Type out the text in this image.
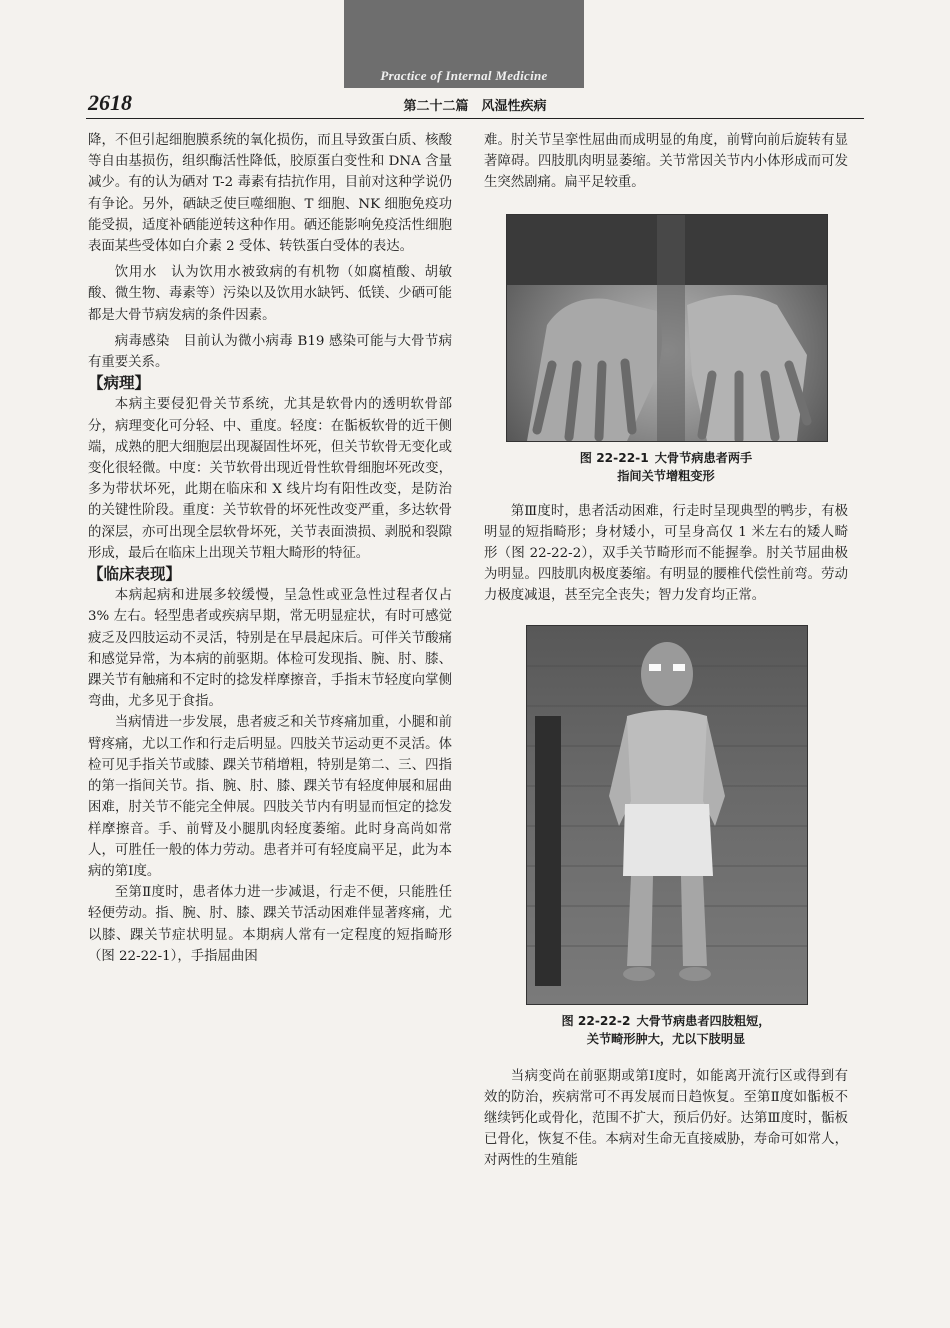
Practice of Internal Medicine
2618	第二十二篇　风湿性疾病

降，不但引起细胞膜系统的氧化损伤，而且导致蛋白质、核酸等自由基损伤，组织酶活性降低，胶原蛋白变性和 DNA 含量减少。有的认为硒对 T-2 毒素有拮抗作用，目前对这种学说仍有争论。另外，硒缺乏使巨噬细胞、T 细胞、NK 细胞免疫功能受损，适度补硒能逆转这种作用。硒还能影响免疫活性细胞表面某些受体如白介素 2 受体、转铁蛋白受体的表达。

饮用水　认为饮用水被致病的有机物（如腐植酸、胡敏酸、微生物、毒素等）污染以及饮用水缺钙、低镁、少硒可能都是大骨节病发病的条件因素。

病毒感染　目前认为微小病毒 B19 感染可能与大骨节病有重要关系。

【病理】

本病主要侵犯骨关节系统，尤其是软骨内的透明软骨部分，病理变化可分轻、中、重度。轻度：在骺板软骨的近干侧端，成熟的肥大细胞层出现凝固性坏死，但关节软骨无变化或变化很轻微。中度：关节软骨出现近骨性软骨细胞坏死改变，多为带状坏死，此期在临床和 X 线片均有阳性改变，是防治的关键性阶段。重度：关节软骨的坏死性改变严重，多达软骨的深层，亦可出现全层软骨坏死，关节表面溃损、剥脱和裂隙形成，最后在临床上出现关节粗大畸形的特征。

【临床表现】

本病起病和进展多较缓慢，呈急性或亚急性过程者仅占 3% 左右。轻型患者或疾病早期，常无明显症状，有时可感觉疲乏及四肢运动不灵活，特别是在早晨起床后。可伴关节酸痛和感觉异常，为本病的前驱期。体检可发现指、腕、肘、膝、踝关节有触痛和不定时的捻发样摩擦音，手指末节轻度向掌侧弯曲，尤多见于食指。

当病情进一步发展，患者疲乏和关节疼痛加重，小腿和前臂疼痛，尤以工作和行走后明显。四肢关节运动更不灵活。体检可见手指关节或膝、踝关节稍增粗，特别是第二、三、四指的第一指间关节。指、腕、肘、膝、踝关节有轻度伸展和屈曲困难，肘关节不能完全伸展。四肢关节内有明显而恒定的捻发样摩擦音。手、前臂及小腿肌肉轻度萎缩。此时身高尚如常人，可胜任一般的体力劳动。患者并可有轻度扁平足，此为本病的第Ⅰ度。

至第Ⅱ度时，患者体力进一步减退，行走不便，只能胜任轻便劳动。指、腕、肘、膝、踝关节活动困难伴显著疼痛，尤以膝、踝关节症状明显。本期病人常有一定程度的短指畸形（图 22-22-1），手指屈曲困

难。肘关节呈挛性屈曲而成明显的角度，前臂向前后旋转有显著障碍。四肢肌肉明显萎缩。关节常因关节内小体形成而可发生突然剧痛。扁平足较重。

图 22-22-1 大骨节病患者两手
指间关节增粗变形

第Ⅲ度时，患者活动困难，行走时呈现典型的鸭步，有极明显的短指畸形；身材矮小，可呈身高仅 1 米左右的矮人畸形（图 22-22-2），双手关节畸形而不能握拳。肘关节屈曲极为明显。四肢肌肉极度萎缩。有明显的腰椎代偿性前弯。劳动力极度减退，甚至完全丧失；智力发育均正常。

图 22-22-2 大骨节病患者四肢粗短，
关节畸形肿大，尤以下肢明显

当病变尚在前驱期或第Ⅰ度时，如能离开流行区或得到有效的防治，疾病常可不再发展而日趋恢复。至第Ⅱ度如骺板不继续钙化或骨化，范围不扩大，预后仍好。达第Ⅲ度时，骺板已骨化，恢复不佳。本病对生命无直接威胁，寿命可如常人，对两性的生殖能
